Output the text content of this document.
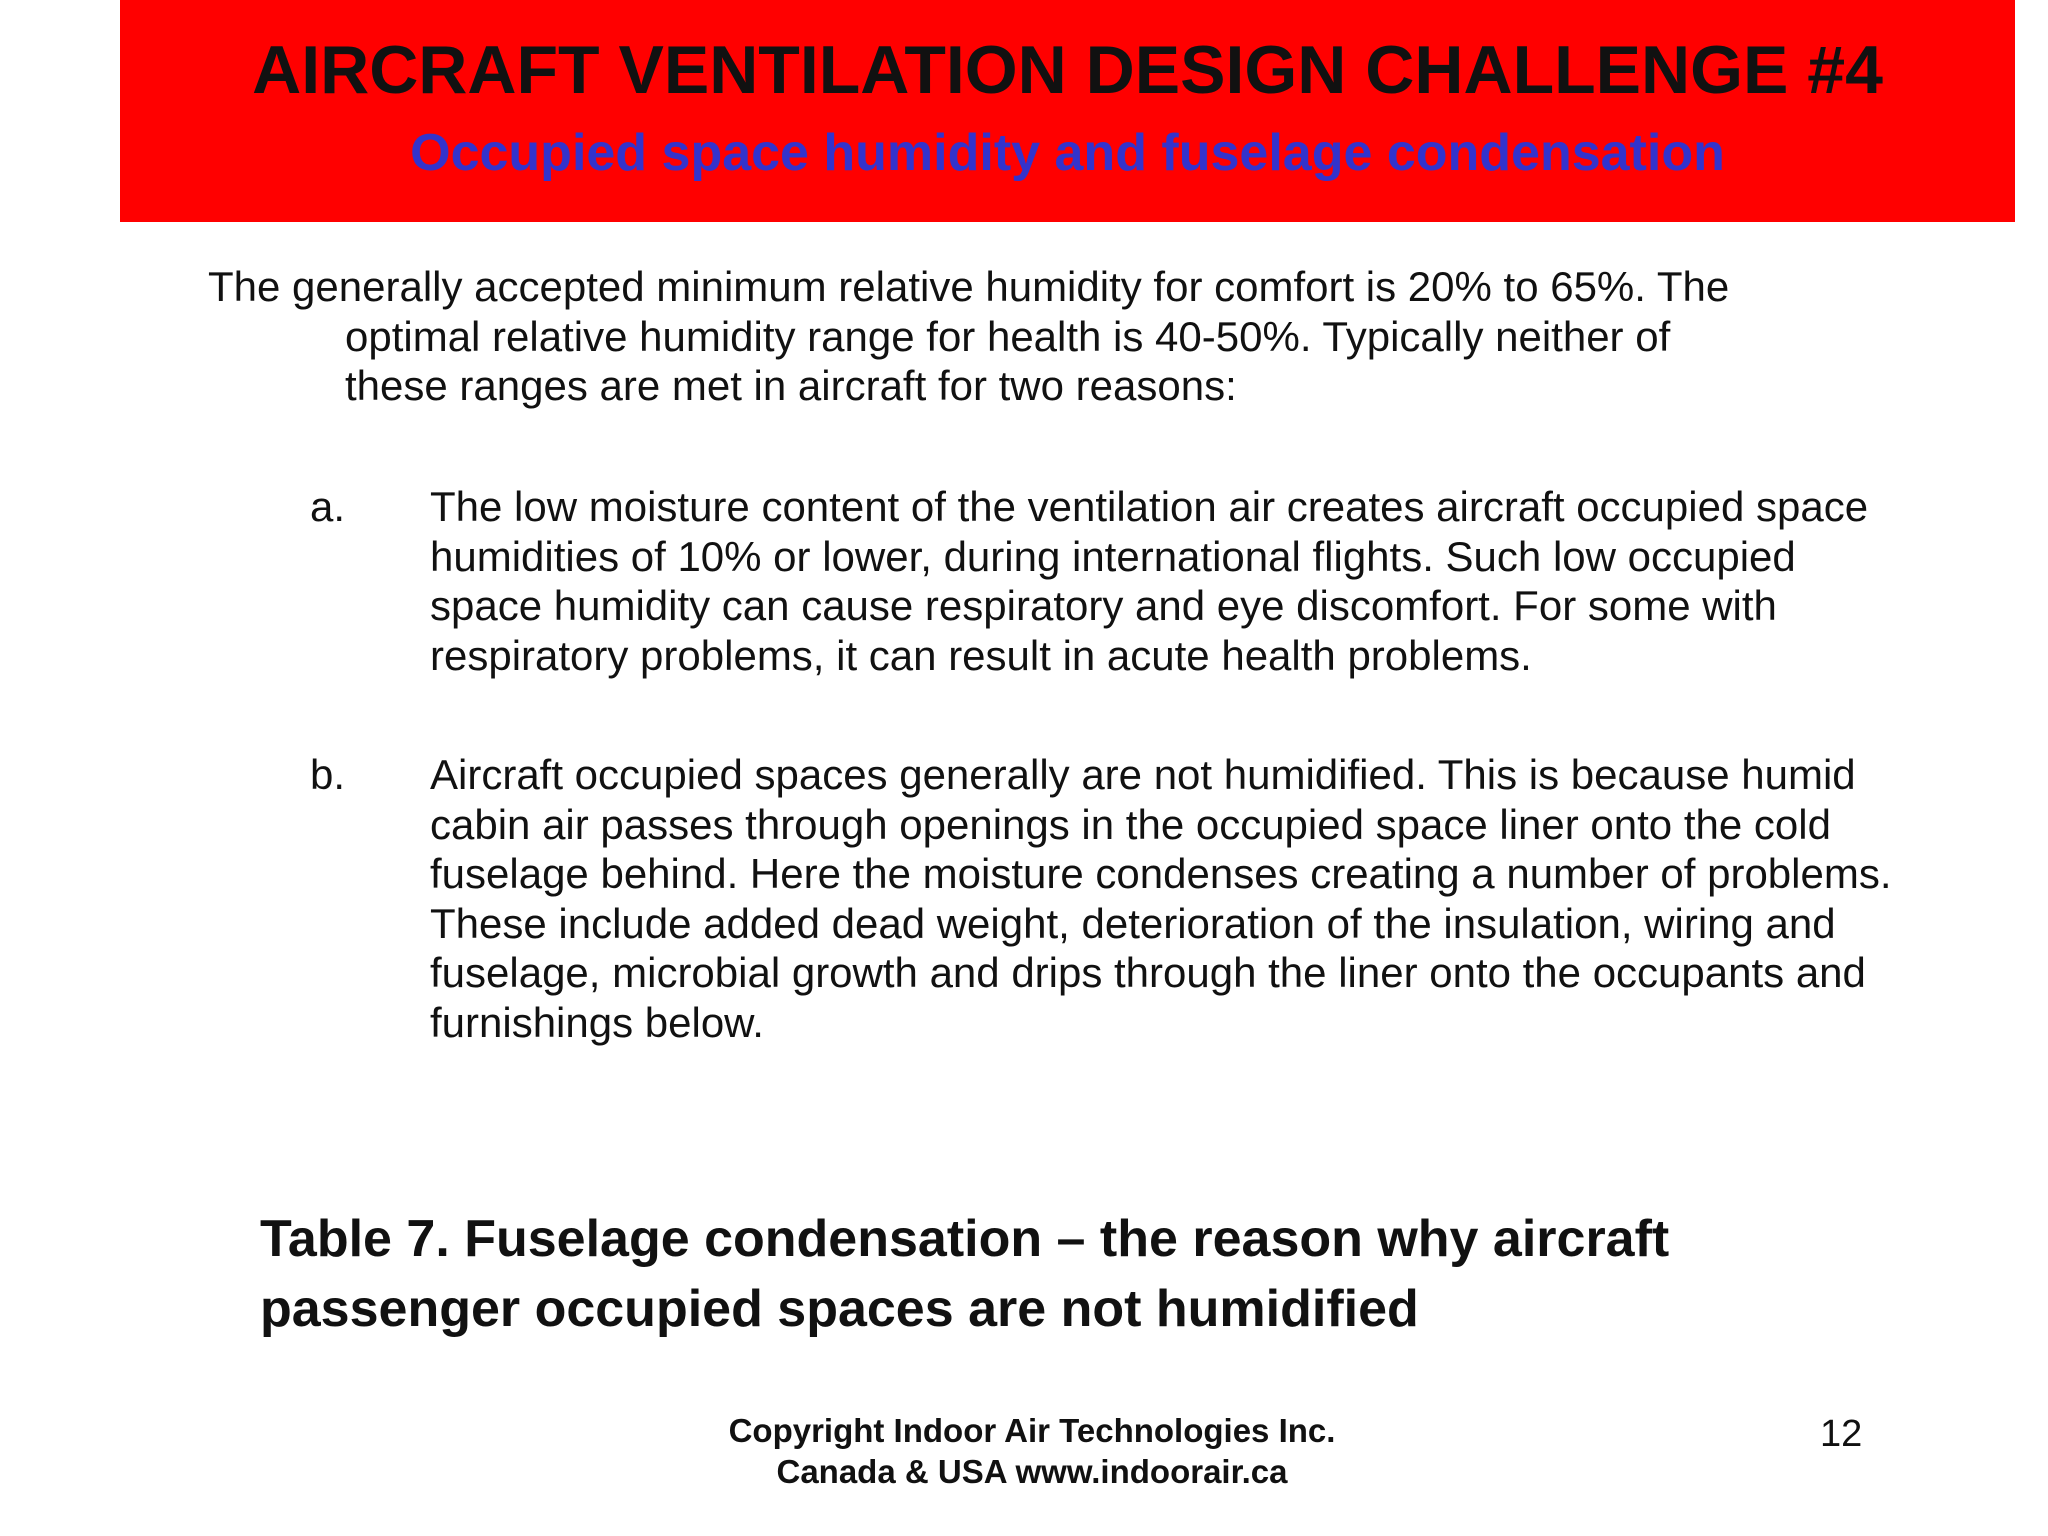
AIRCRAFT VENTILATION DESIGN CHALLENGE #4
Occupied space humidity and fuselage condensation
The generally accepted minimum relative humidity for comfort is 20% to 65%. The
optimal relative humidity range for health is 40-50%. Typically neither of these ranges are met in aircraft for two reasons:
a. The low moisture content of the ventilation air creates aircraft occupied space humidities of 10% or lower, during international flights. Such low occupied space humidity can cause respiratory and eye discomfort. For some with respiratory problems, it can result in acute health problems.
b. Aircraft occupied spaces generally are not humidified. This is because humid cabin air passes through openings in the occupied space liner onto the cold fuselage behind. Here the moisture condenses creating a number of problems. These include added dead weight, deterioration of the insulation, wiring and fuselage, microbial growth and drips through the liner onto the occupants and furnishings below.

Table 7. Fuselage condensation – the reason why aircraft passenger occupied spaces are not humidified

Copyright Indoor Air Technologies Inc.
Canada & USA www.indoorair.ca
12
